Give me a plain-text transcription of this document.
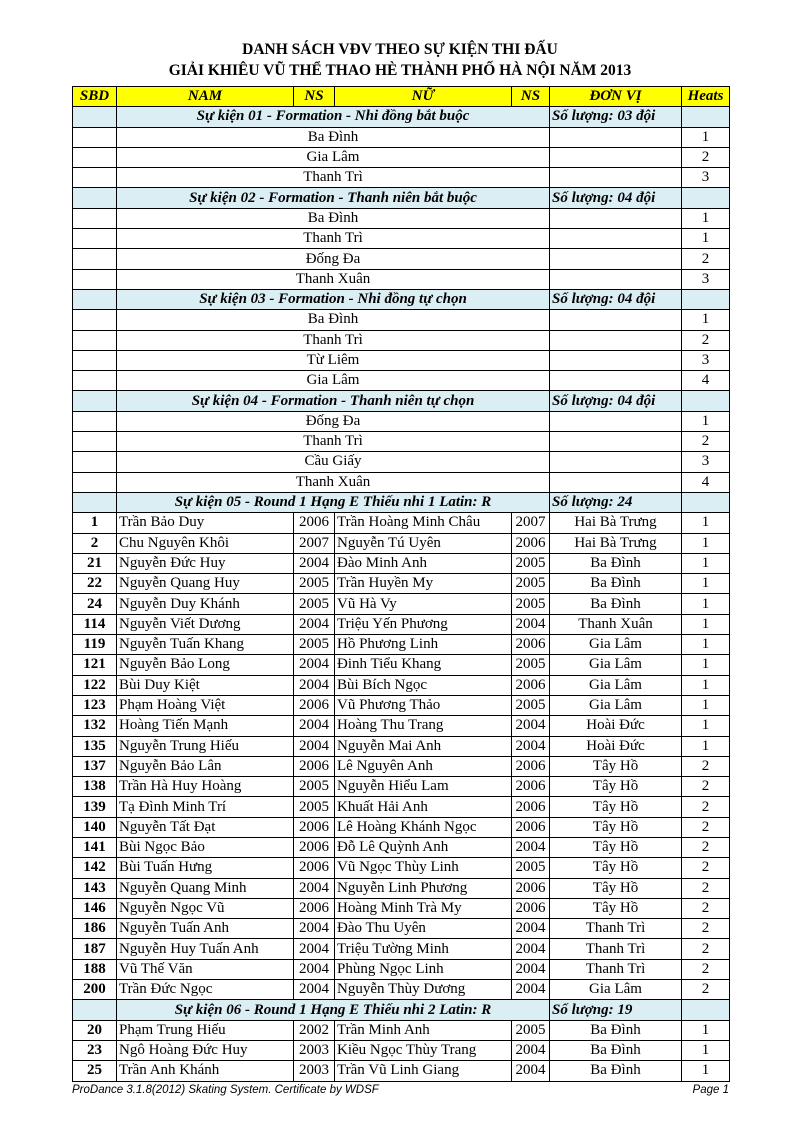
DANH SÁCH VĐV THEO SỰ KIỆN THI ĐẤU
GIẢI KHIÊU VŨ THỂ THAO HÈ THÀNH PHỐ HÀ NỘI NĂM 2013
SBD	NAM	NS	NỮ	NS	ĐƠN VỊ	Heats
	Sự kiện 01 - Formation - Nhi đồng bắt buộc				Số lượng: 03 đội	
	Ba Đình					1
	Gia Lâm					2
	Thanh Trì					3
	Sự kiện 02 - Formation - Thanh niên bắt buộc				Số lượng: 04 đội	
	Ba Đình					1
	Thanh Trì					1
	Đống Đa					2
	Thanh Xuân					3
	Sự kiện 03 - Formation - Nhi đồng tự chọn				Số lượng: 04 đội	
	Ba Đình					1
	Thanh Trì					2
	Từ Liêm					3
	Gia Lâm					4
	Sự kiện 04 - Formation - Thanh niên tự chọn				Số lượng: 04 đội	
	Đống Đa					1
	Thanh Trì					2
	Cầu Giấy					3
	Thanh Xuân					4
	Sự kiện 05 - Round 1 Hạng E Thiếu nhi 1 Latin: R				Số lượng: 24	
1	Trần Bảo Duy	2006	Trần Hoàng Minh Châu	2007	Hai Bà Trưng	1
2	Chu Nguyên Khôi	2007	Nguyễn Tú Uyên	2006	Hai Bà Trưng	1
21	Nguyễn Đức Huy	2004	Đào Minh Anh	2005	Ba Đình	1
22	Nguyễn Quang Huy	2005	Trần Huyền My	2005	Ba Đình	1
24	Nguyễn Duy Khánh	2005	Vũ Hà Vy	2005	Ba Đình	1
114	Nguyễn Viết Dương	2004	Triệu Yến Phương	2004	Thanh Xuân	1
119	Nguyễn Tuấn Khang	2005	Hồ Phương Linh	2006	Gia Lâm	1
121	Nguyễn Bảo Long	2004	Đinh Tiểu Khang	2005	Gia Lâm	1
122	Bùi Duy Kiệt	2004	Bùi Bích Ngọc	2006	Gia Lâm	1
123	Phạm Hoàng Việt	2006	Vũ Phương Thảo	2005	Gia Lâm	1
132	Hoàng Tiến Mạnh	2004	Hoàng Thu Trang	2004	Hoài Đức	1
135	Nguyễn Trung Hiếu	2004	Nguyễn Mai Anh	2004	Hoài Đức	1
137	Nguyễn Bảo Lân	2006	Lê Nguyên Anh	2006	Tây Hồ	2
138	Trần Hà Huy Hoàng	2005	Nguyễn Hiểu Lam	2006	Tây Hồ	2
139	Tạ Đình Minh Trí	2005	Khuất Hải Anh	2006	Tây Hồ	2
140	Nguyễn Tất Đạt	2006	Lê Hoàng Khánh Ngọc	2006	Tây Hồ	2
141	Bùi Ngọc Bảo	2006	Đỗ Lê Quỳnh Anh	2004	Tây Hồ	2
142	Bùi Tuấn Hưng	2006	Vũ Ngọc Thùy Linh	2005	Tây Hồ	2
143	Nguyễn Quang Minh	2004	Nguyễn Linh Phương	2006	Tây Hồ	2
146	Nguyễn Ngọc Vũ	2006	Hoàng Minh Trà My	2006	Tây Hồ	2
186	Nguyễn Tuấn Anh	2004	Đào Thu Uyên	2004	Thanh Trì	2
187	Nguyễn Huy Tuấn Anh	2004	Triệu Tường Minh	2004	Thanh Trì	2
188	Vũ Thế Văn	2004	Phùng Ngọc Linh	2004	Thanh Trì	2
200	Trần Đức Ngọc	2004	Nguyễn Thùy Dương	2004	Gia Lâm	2
	Sự kiện 06 - Round 1 Hạng E Thiếu nhi 2 Latin: R				Số lượng: 19	
20	Phạm Trung Hiếu	2002	Trần Minh Anh	2005	Ba Đình	1
23	Ngô Hoàng Đức Huy	2003	Kiều Ngọc Thùy Trang	2004	Ba Đình	1
25	Trần Anh Khánh	2003	Trần Vũ Linh Giang	2004	Ba Đình	1
ProDance 3.1.8(2012) Skating System. Certificate by WDSF	Page 1
